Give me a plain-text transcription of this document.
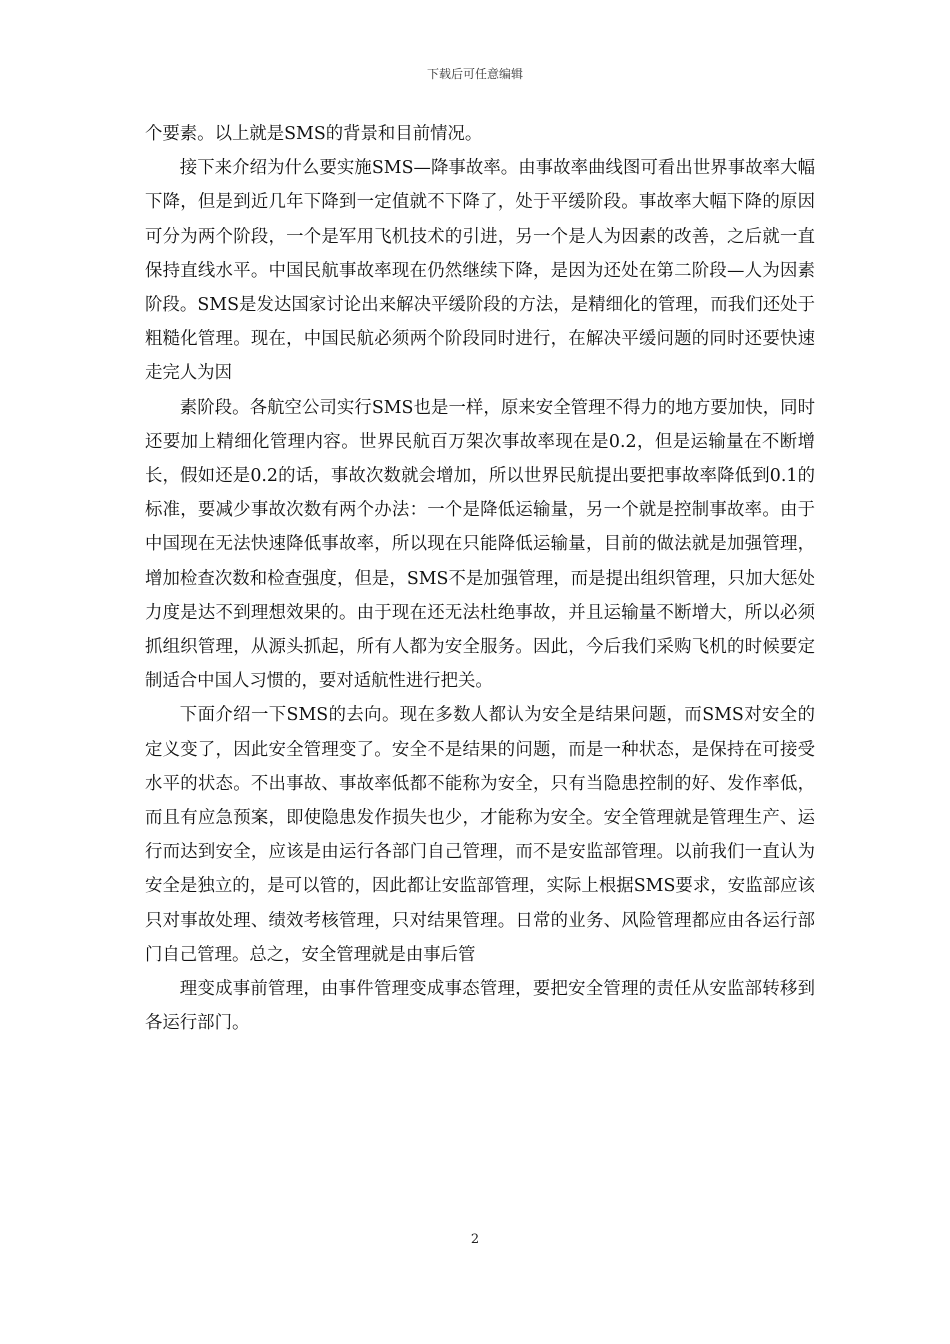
下载后可任意编辑

个要素。以上就是SMS的背景和目前情况。

接下来介绍为什么要实施SMS—降事故率。由事故率曲线图可看出世界事故率大幅下降，但是到近几年下降到一定值就不下降了，处于平缓阶段。事故率大幅下降的原因可分为两个阶段，一个是军用飞机技术的引进，另一个是人为因素的改善，之后就一直保持直线水平。中国民航事故率现在仍然继续下降，是因为还处在第二阶段—人为因素阶段。SMS是发达国家讨论出来解决平缓阶段的方法，是精细化的管理，而我们还处于粗糙化管理。现在，中国民航必须两个阶段同时进行，在解决平缓问题的同时还要快速走完人为因

素阶段。各航空公司实行SMS也是一样，原来安全管理不得力的地方要加快，同时还要加上精细化管理内容。世界民航百万架次事故率现在是0.2，但是运输量在不断增长，假如还是0.2的话，事故次数就会增加，所以世界民航提出要把事故率降低到0.1的标准，要减少事故次数有两个办法：一个是降低运输量，另一个就是控制事故率。由于中国现在无法快速降低事故率，所以现在只能降低运输量，目前的做法就是加强管理，增加检查次数和检查强度，但是，SMS不是加强管理，而是提出组织管理，只加大惩处力度是达不到理想效果的。由于现在还无法杜绝事故，并且运输量不断增大，所以必须抓组织管理，从源头抓起，所有人都为安全服务。因此，今后我们采购飞机的时候要定制适合中国人习惯的，要对适航性进行把关。

下面介绍一下SMS的去向。现在多数人都认为安全是结果问题，而SMS对安全的定义变了，因此安全管理变了。安全不是结果的问题，而是一种状态，是保持在可接受水平的状态。不出事故、事故率低都不能称为安全，只有当隐患控制的好、发作率低，而且有应急预案，即使隐患发作损失也少，才能称为安全。安全管理就是管理生产、运行而达到安全，应该是由运行各部门自己管理，而不是安监部管理。以前我们一直认为安全是独立的，是可以管的，因此都让安监部管理，实际上根据SMS要求，安监部应该只对事故处理、绩效考核管理，只对结果管理。日常的业务、风险管理都应由各运行部门自己管理。总之，安全管理就是由事后管

理变成事前管理，由事件管理变成事态管理，要把安全管理的责任从安监部转移到各运行部门。

2
